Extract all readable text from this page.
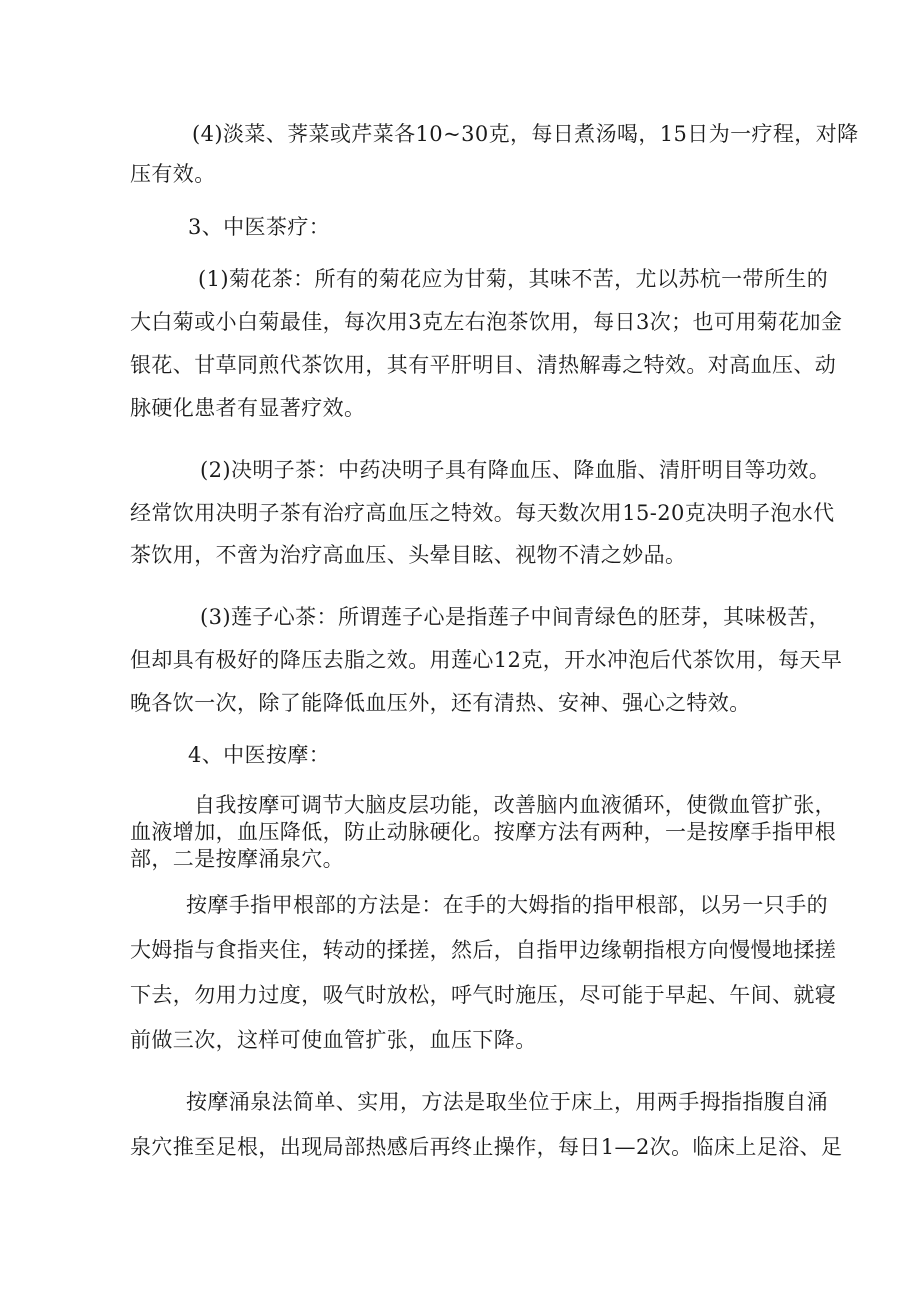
(4)淡菜、荠菜或芹菜各10~30克，每日煮汤喝，15日为一疗程，对降
压有效。
3、中医茶疗：
(1)菊花茶：所有的菊花应为甘菊，其味不苦，尤以苏杭一带所生的
大白菊或小白菊最佳，每次用3克左右泡茶饮用，每日3次；也可用菊花加金
银花、甘草同煎代茶饮用，其有平肝明目、清热解毒之特效。对高血压、动
脉硬化患者有显著疗效。
(2)决明子茶：中药决明子具有降血压、降血脂、清肝明目等功效。
经常饮用决明子茶有治疗高血压之特效。每天数次用15-20克决明子泡水代
茶饮用，不啻为治疗高血压、头晕目眩、视物不清之妙品。
(3)莲子心茶：所谓莲子心是指莲子中间青绿色的胚芽，其味极苦，
但却具有极好的降压去脂之效。用莲心12克，开水冲泡后代茶饮用，每天早
晚各饮一次，除了能降低血压外，还有清热、安神、强心之特效。
4、中医按摩：
自我按摩可调节大脑皮层功能，改善脑内血液循环，使微血管扩张，
血液增加，血压降低，防止动脉硬化。按摩方法有两种，一是按摩手指甲根
部，二是按摩涌泉穴。
按摩手指甲根部的方法是：在手的大姆指的指甲根部，以另一只手的
大姆指与食指夹住，转动的揉搓，然后，自指甲边缘朝指根方向慢慢地揉搓
下去，勿用力过度，吸气时放松，呼气时施压，尽可能于早起、午间、就寝
前做三次，这样可使血管扩张，血压下降。
按摩涌泉法简单、实用，方法是取坐位于床上，用两手拇指指腹自涌
泉穴推至足根，出现局部热感后再终止操作，每日1—2次。临床上足浴、足
